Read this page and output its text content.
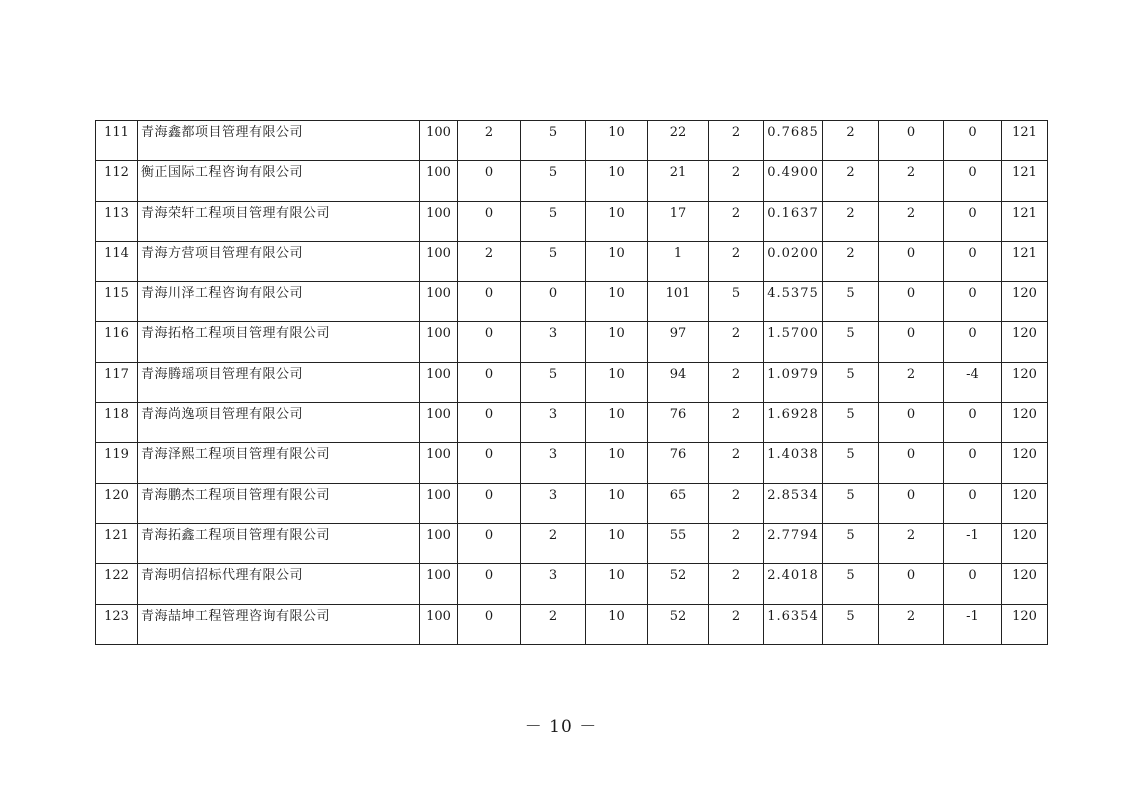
111	青海鑫都项目管理有限公司	100	2	5	10	22	2	0.7685	2	0	0	121
112	衡正国际工程咨询有限公司	100	0	5	10	21	2	0.4900	2	2	0	121
113	青海荣轩工程项目管理有限公司	100	0	5	10	17	2	0.1637	2	2	0	121
114	青海方营项目管理有限公司	100	2	5	10	1	2	0.0200	2	0	0	121
115	青海川泽工程咨询有限公司	100	0	0	10	101	5	4.5375	5	0	0	120
116	青海拓格工程项目管理有限公司	100	0	3	10	97	2	1.5700	5	0	0	120
117	青海腾瑶项目管理有限公司	100	0	5	10	94	2	1.0979	5	2	-4	120
118	青海尚逸项目管理有限公司	100	0	3	10	76	2	1.6928	5	0	0	120
119	青海泽熙工程项目管理有限公司	100	0	3	10	76	2	1.4038	5	0	0	120
120	青海鹏杰工程项目管理有限公司	100	0	3	10	65	2	2.8534	5	0	0	120
121	青海拓鑫工程项目管理有限公司	100	0	2	10	55	2	2.7794	5	2	-1	120
122	青海明信招标代理有限公司	100	0	3	10	52	2	2.4018	5	0	0	120
123	青海喆坤工程管理咨询有限公司	100	0	2	10	52	2	1.6354	5	2	-1	120
－ 10 －
